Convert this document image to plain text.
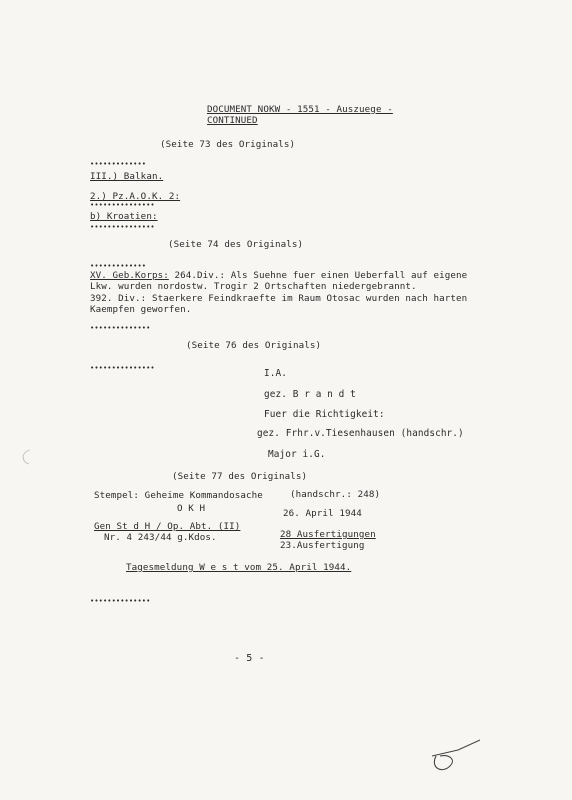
DOCUMENT NOKW - 1551 - Auszuege -
CONTINUED
(Seite 73 des Originals)
•••••••••••••
III.) Balkan.
2.) Pz.A.O.K. 2:
•••••••••••••••
b) Kroatien:
•••••••••••••••
(Seite 74 des Originals)
•••••••••••••
XV. Geb.Korps: 264.Div.: Als Suehne fuer einen Ueberfall auf eigene
Lkw. wurden nordostw. Trogir 2 Ortschaften niedergebrannt.
392. Div.: Staerkere Feindkraefte im Raum Otosac wurden nach harten
Kaempfen geworfen.
••••••••••••••
(Seite 76 des Originals)
•••••••••••••••	I.A.
gez. B r a n d t
Fuer die Richtigkeit:
gez. Frhr.v.Tiesenhausen (handschr.)
Major i.G.
(Seite 77 des Originals)
Stempel: Geheime Kommandosache	(handschr.: 248)
O K H	26. April 1944
Gen St d H / Op. Abt. (II)
Nr. 4 243/44 g.Kdos.	28 Ausfertigungen
23.Ausfertigung
Tagesmeldung W e s t vom 25. April 1944.
••••••••••••••
- 5 -
